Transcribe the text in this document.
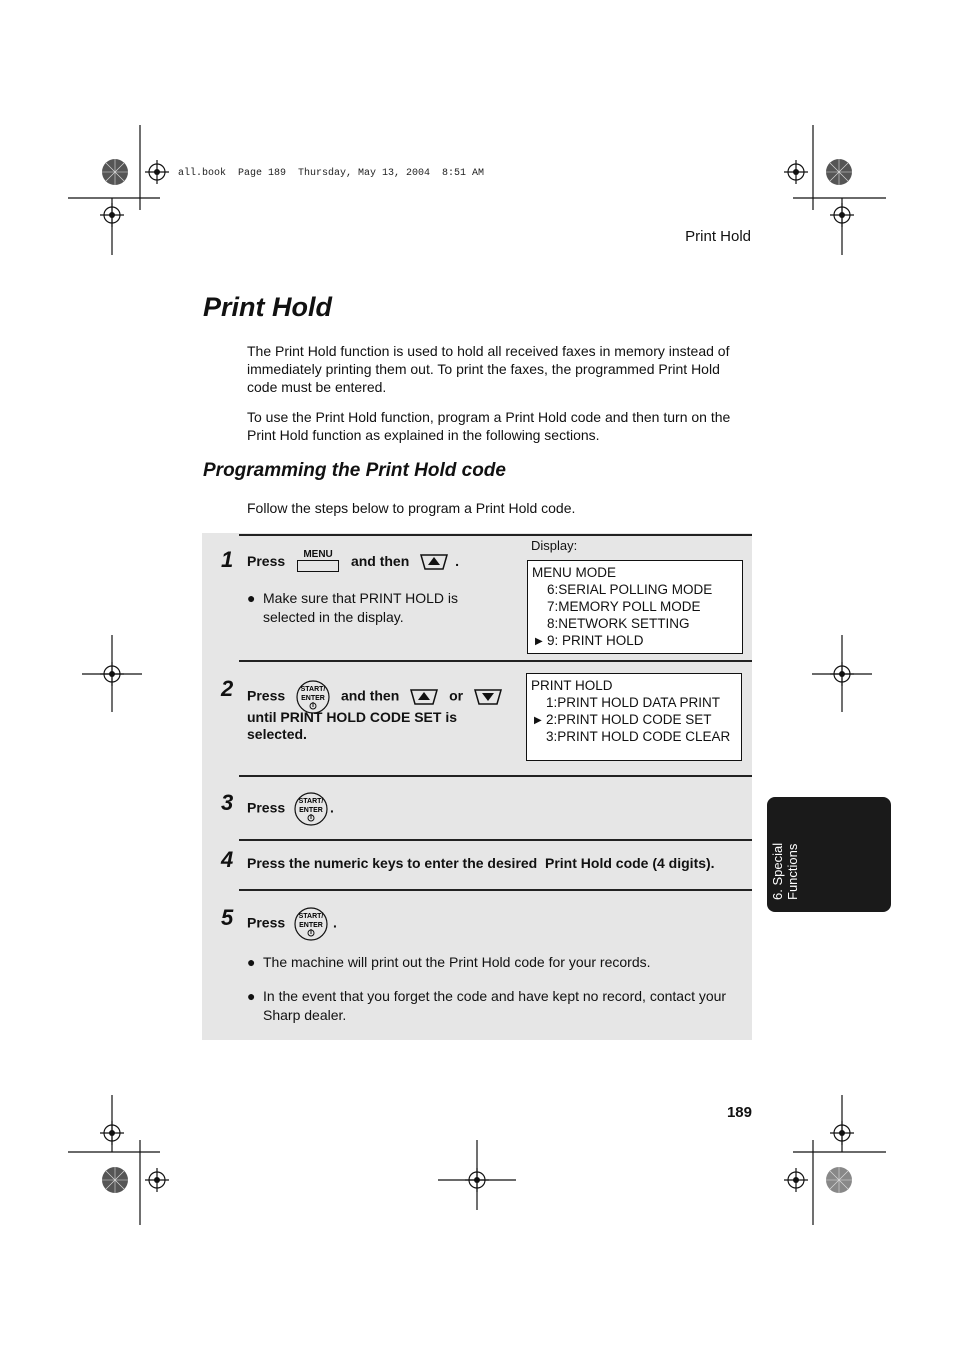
all.book  Page 189  Thursday, May 13, 2004  8:51 AM
Print Hold
Print Hold

The Print Hold function is used to hold all received faxes in memory instead of immediately printing them out. To print the faxes, the programmed Print Hold code must be entered.

To use the Print Hold function, program a Print Hold code and then turn on the Print Hold function as explained in the following sections.

Programming the Print Hold code

Follow the steps below to program a Print Hold code.

Display:
1 Press	MENU	and then	.
● Make sure that PRINT HOLD is selected in the display.
MENU MODE
6:SERIAL POLLING MODE
7:MEMORY POLL MODE
8:NETWORK SETTING
▶ 9: PRINT HOLD
2 Press START/
ENTER and then	or
until PRINT HOLD CODE SET is
selected.
PRINT HOLD
1:PRINT HOLD DATA PRINT
▶ 2:PRINT HOLD CODE SET
3:PRINT HOLD CODE CLEAR
3 Press START/
ENTER .
4 Press the numeric keys to enter the desired  Print Hold code (4 digits).
5 Press START/
ENTER .
● The machine will print out the Print Hold code for your records.
● In the event that you forget the code and have kept no record, contact your Sharp dealer.
6. Special
Functions
189
